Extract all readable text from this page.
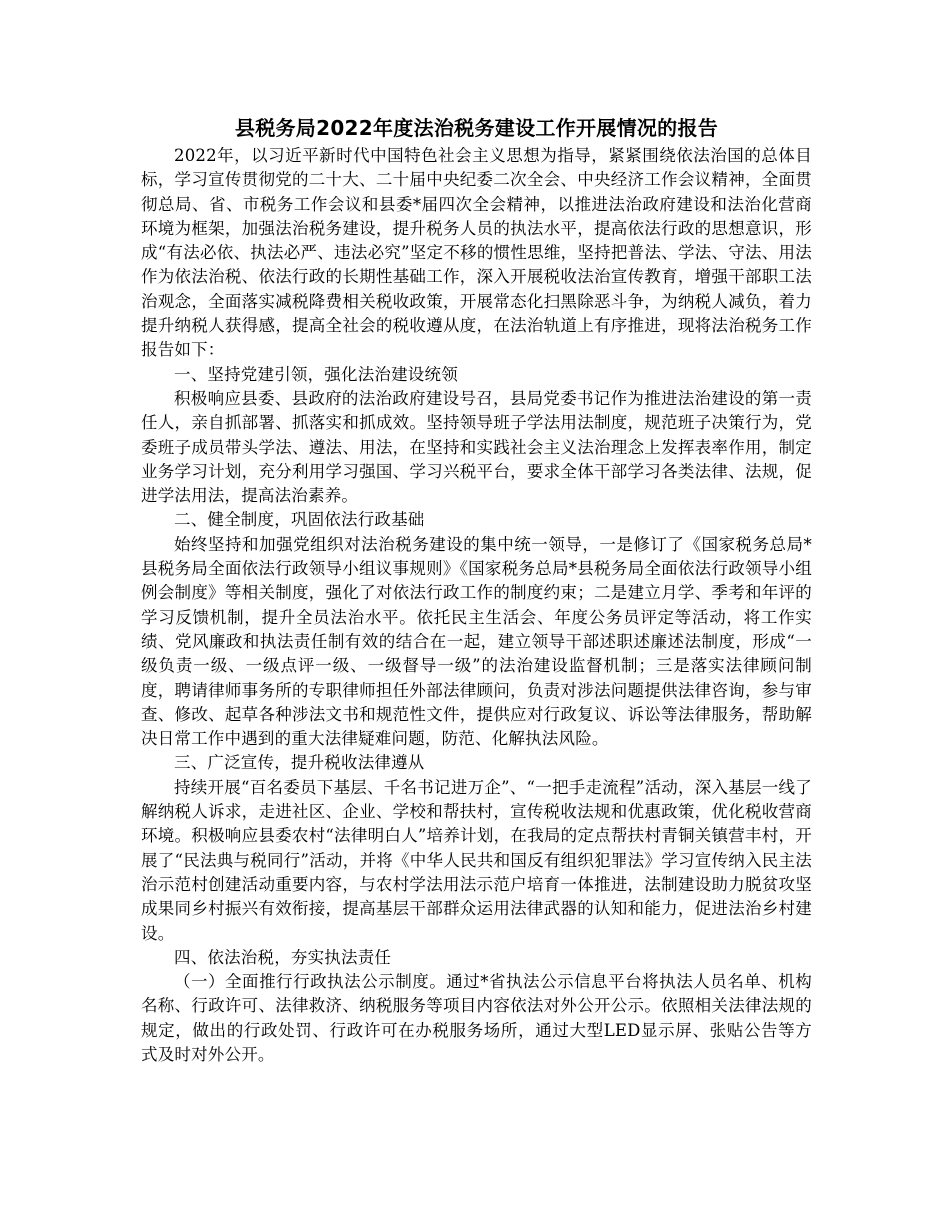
县税务局2022年度法治税务建设工作开展情况的报告

2022年，以习近平新时代中国特色社会主义思想为指导，紧紧围绕依法治国的总体目标，学习宣传贯彻党的二十大、二十届中央纪委二次全会、中央经济工作会议精神，全面贯彻总局、省、市税务工作会议和县委*届四次全会精神，以推进法治政府建设和法治化营商环境为框架，加强法治税务建设，提升税务人员的执法水平，提高依法行政的思想意识，形成“有法必依、执法必严、违法必究”坚定不移的惯性思维，坚持把普法、学法、守法、用法作为依法治税、依法行政的长期性基础工作，深入开展税收法治宣传教育，增强干部职工法治观念，全面落实减税降费相关税收政策，开展常态化扫黑除恶斗争，为纳税人减负，着力提升纳税人获得感，提高全社会的税收遵从度，在法治轨道上有序推进，现将法治税务工作报告如下：

一、坚持党建引领，强化法治建设统领

积极响应县委、县政府的法治政府建设号召，县局党委书记作为推进法治建设的第一责任人，亲自抓部署、抓落实和抓成效。坚持领导班子学法用法制度，规范班子决策行为，党委班子成员带头学法、遵法、用法，在坚持和实践社会主义法治理念上发挥表率作用，制定业务学习计划，充分利用学习强国、学习兴税平台，要求全体干部学习各类法律、法规，促进学法用法，提高法治素养。

二、健全制度，巩固依法行政基础

始终坚持和加强党组织对法治税务建设的集中统一领导，一是修订了《国家税务总局*县税务局全面依法行政领导小组议事规则》《国家税务总局*县税务局全面依法行政领导小组例会制度》等相关制度，强化了对依法行政工作的制度约束；二是建立月学、季考和年评的学习反馈机制，提升全员法治水平。依托民主生活会、年度公务员评定等活动，将工作实绩、党风廉政和执法责任制有效的结合在一起，建立领导干部述职述廉述法制度，形成“一级负责一级、一级点评一级、一级督导一级”的法治建设监督机制；三是落实法律顾问制度，聘请律师事务所的专职律师担任外部法律顾问，负责对涉法问题提供法律咨询，参与审查、修改、起草各种涉法文书和规范性文件，提供应对行政复议、诉讼等法律服务，帮助解决日常工作中遇到的重大法律疑难问题，防范、化解执法风险。

三、广泛宣传，提升税收法律遵从

持续开展“百名委员下基层、千名书记进万企”、“一把手走流程”活动，深入基层一线了解纳税人诉求，走进社区、企业、学校和帮扶村，宣传税收法规和优惠政策，优化税收营商环境。积极响应县委农村“法律明白人”培养计划，在我局的定点帮扶村青铜关镇营丰村，开展了“民法典与税同行”活动，并将《中华人民共和国反有组织犯罪法》学习宣传纳入民主法治示范村创建活动重要内容，与农村学法用法示范户培育一体推进，法制建设助力脱贫攻坚成果同乡村振兴有效衔接，提高基层干部群众运用法律武器的认知和能力，促进法治乡村建设。

四、依法治税，夯实执法责任

（一）全面推行行政执法公示制度。通过*省执法公示信息平台将执法人员名单、机构名称、行政许可、法律救济、纳税服务等项目内容依法对外公开公示。依照相关法律法规的规定，做出的行政处罚、行政许可在办税服务场所，通过大型LED显示屏、张贴公告等方式及时对外公开。
